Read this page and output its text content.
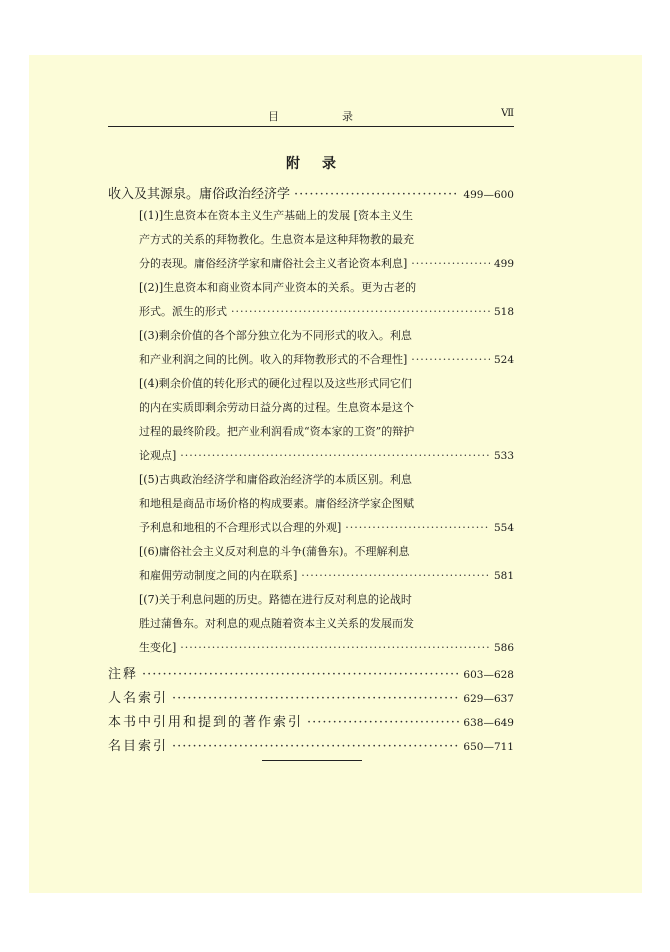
目　录	Ⅶ
附录
收入及其源泉。庸俗政治经济学 ·····	499—600
[(1)]生息资本在资本主义生产基础上的发展 [资本主义生
产方式的关系的拜物教化。生息资本是这种拜物教的最充
分的表现。庸俗经济学家和庸俗社会主义者论资本利息] ·····	499
[(2)]生息资本和商业资本同产业资本的关系。更为古老的
形式。派生的形式 ·····	518
[(3)剩余价值的各个部分独立化为不同形式的收入。利息
和产业利润之间的比例。收入的拜物教形式的不合理性] ·····	524
[(4)剩余价值的转化形式的硬化过程以及这些形式同它们
的内在实质即剩余劳动日益分离的过程。生息资本是这个
过程的最终阶段。把产业利润看成“资本家的工资”的辩护
论观点] ·····	533
[(5)古典政治经济学和庸俗政治经济学的本质区别。利息
和地租是商品市场价格的构成要素。庸俗经济学家企图赋
予利息和地租的不合理形式以合理的外观] ·····	554
[(6)庸俗社会主义反对利息的斗争(蒲鲁东)。不理解利息
和雇佣劳动制度之间的内在联系] ·····	581
[(7)关于利息问题的历史。路德在进行反对利息的论战时
胜过蒲鲁东。对利息的观点随着资本主义关系的发展而发
生变化] ·····	586
注释 ·····	603—628
人名索引 ·····	629—637
本书中引用和提到的著作索引 ·····	638—649
名目索引 ·····	650—711
